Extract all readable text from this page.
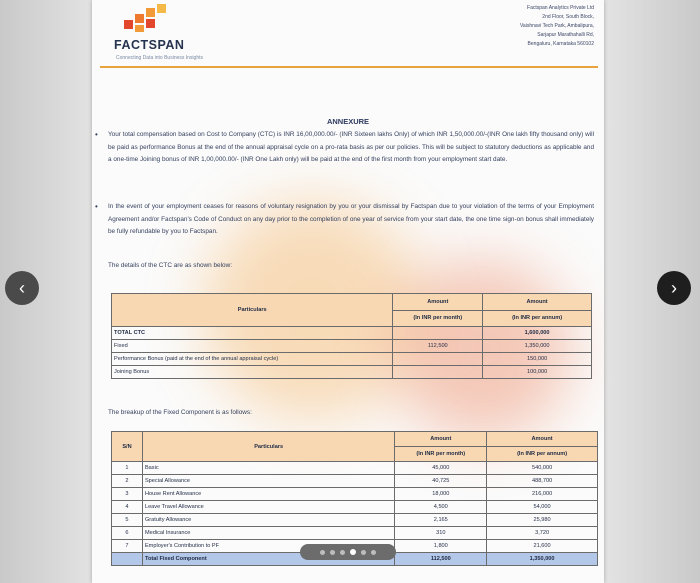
FACTSPAN
Connecting Data into Business Insights
Factspan Analytics Private Ltd
2nd Floor, South Block,
Vaishnavi Tech Park, Ambalipura,
Sarjapur Marathahalli Rd,
Bengaluru, Karnataka 560102
ANNEXURE
• Your total compensation based on Cost to Company (CTC) is INR 16,00,000.00/- (INR Sixteen lakhs Only) of which INR 1,50,000.00/-(INR One lakh fifty thousand only) will be paid as performance Bonus at the end of the annual appraisal cycle on a pro-rata basis as per our policies. This will be subject to statutory deductions as applicable and a one-time Joining bonus of INR 1,00,000.00/- (INR One Lakh only) will be paid at the end of the first month from your employment start date.
• In the event of your employment ceases for reasons of voluntary resignation by you or your dismissal by Factspan due to your violation of the terms of your Employment Agreement and/or Factspan's Code of Conduct on any day prior to the completion of one year of service from your start date, the one time sign-on bonus shall immediately be fully refundable by you to Factspan.
The details of the CTC are as shown below:
Particulars	Amount	Amount
	(In INR per month)	(In INR per annum)
TOTAL CTC		1,600,000
Fixed	112,500	1,350,000
Performance Bonus (paid at the end of the annual appraisal cycle)		150,000
Joining Bonus		100,000
The breakup of the Fixed Component is as follows:
S/N	Particulars	Amount	Amount
		(In INR per month)	(In INR per annum)
1	Basic	45,000	540,000
2	Special Allowance	40,725	488,700
3	House Rent Allowance	18,000	216,000
4	Leave Travel Allowance	4,500	54,000
5	Gratuity Allowance	2,165	25,980
6	Medical Insurance	310	3,720
7	Employer's Contribution to PF	1,800	21,600
	Total Fixed Component	112,500	1,350,000
‹	›
